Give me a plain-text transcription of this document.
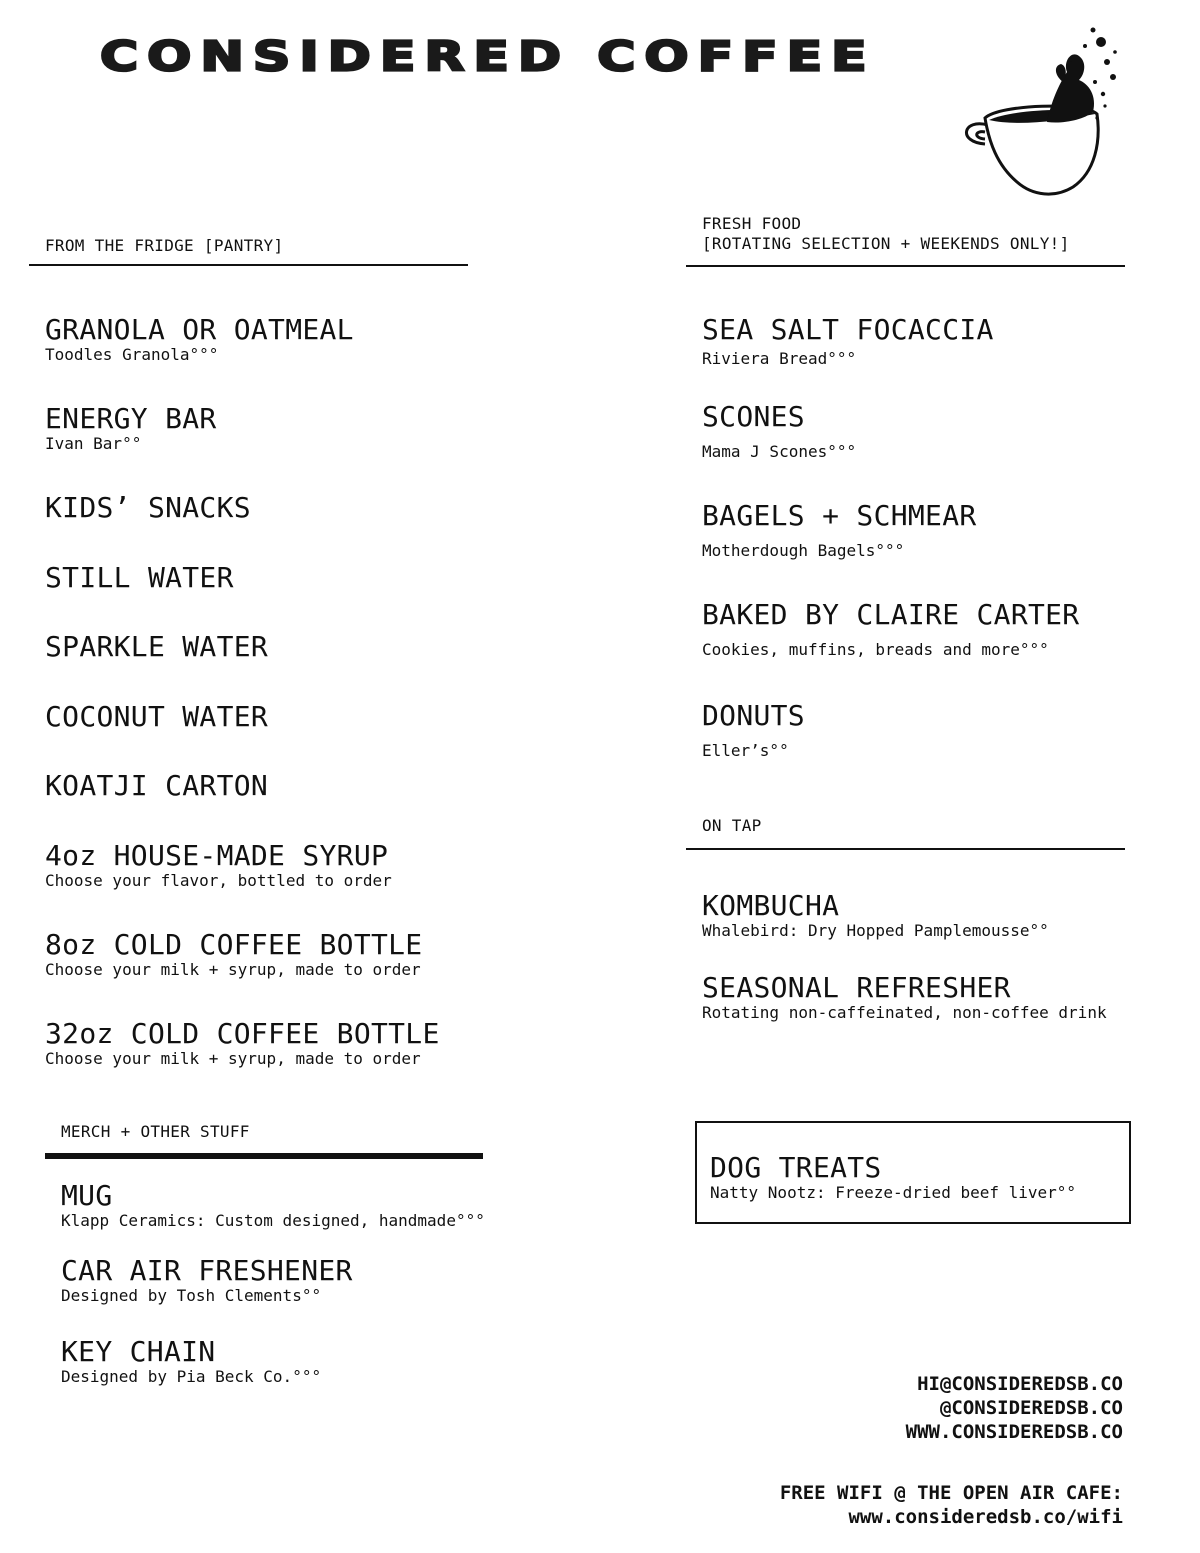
CONSIDERED COFFEE
FROM THE FRIDGE [PANTRY]
GRANOLA OR OATMEAL
Toodles Granola°°°
ENERGY BAR
Ivan Bar°°
KIDS’ SNACKS
STILL WATER
SPARKLE WATER
COCONUT WATER
KOATJI CARTON
4oz HOUSE-MADE SYRUP
Choose your flavor, bottled to order
8oz COLD COFFEE BOTTLE
Choose your milk + syrup, made to order
32oz COLD COFFEE BOTTLE
Choose your milk + syrup, made to order
MERCH + OTHER STUFF
MUG
Klapp Ceramics: Custom designed, handmade°°°
CAR AIR FRESHENER
Designed by Tosh Clements°°
KEY CHAIN
Designed by Pia Beck Co.°°°
FRESH FOOD
[ROTATING SELECTION + WEEKENDS ONLY!]
SEA SALT FOCACCIA
Riviera Bread°°°
SCONES
Mama J Scones°°°
BAGELS + SCHMEAR
Motherdough Bagels°°°
BAKED BY CLAIRE CARTER
Cookies, muffins, breads and more°°°
DONUTS
Eller’s°°
ON TAP
KOMBUCHA
Whalebird: Dry Hopped Pamplemousse°°
SEASONAL REFRESHER
Rotating non-caffeinated, non-coffee drink
DOG TREATS
Natty Nootz: Freeze-dried beef liver°°
HI@CONSIDEREDSB.CO
@CONSIDEREDSB.CO
WWW.CONSIDEREDSB.CO
FREE WIFI @ THE OPEN AIR CAFE:
www.consideredsb.co/wifi
